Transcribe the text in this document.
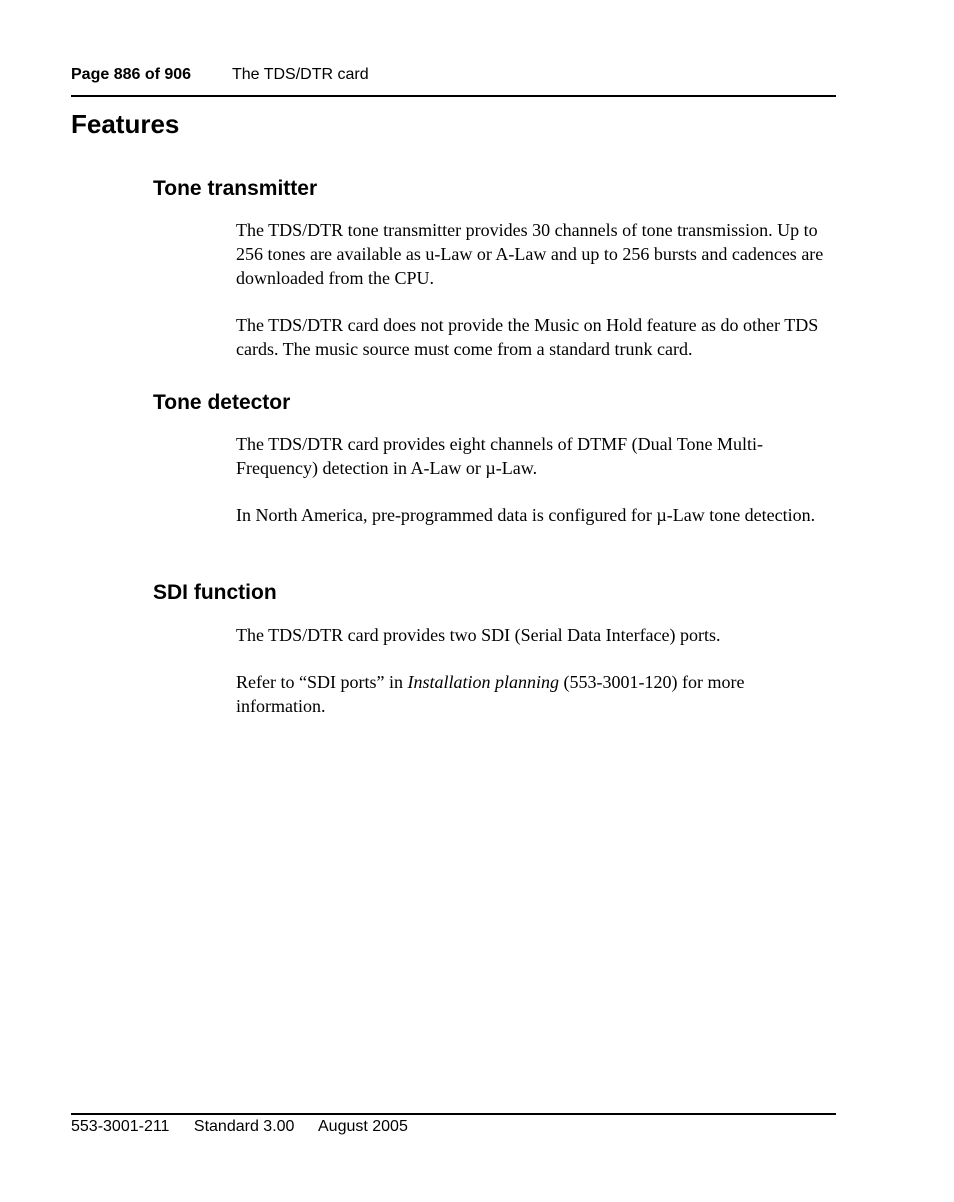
Page 886 of 906	The TDS/DTR card
Features
Tone transmitter

The TDS/DTR tone transmitter provides 30 channels of tone transmission. Up to 256 tones are available as u-Law or A-Law and up to 256 bursts and cadences are downloaded from the CPU.

The TDS/DTR card does not provide the Music on Hold feature as do other TDS cards. The music source must come from a standard trunk card.

Tone detector

The TDS/DTR card provides eight channels of DTMF (Dual Tone Multi-Frequency) detection in A-Law or µ-Law.

In North America, pre-programmed data is configured for µ-Law tone detection.

SDI function

The TDS/DTR card provides two SDI (Serial Data Interface) ports.

Refer to “SDI ports” in Installation planning (553-3001-120) for more information.

553-3001-211 Standard 3.00 August 2005
